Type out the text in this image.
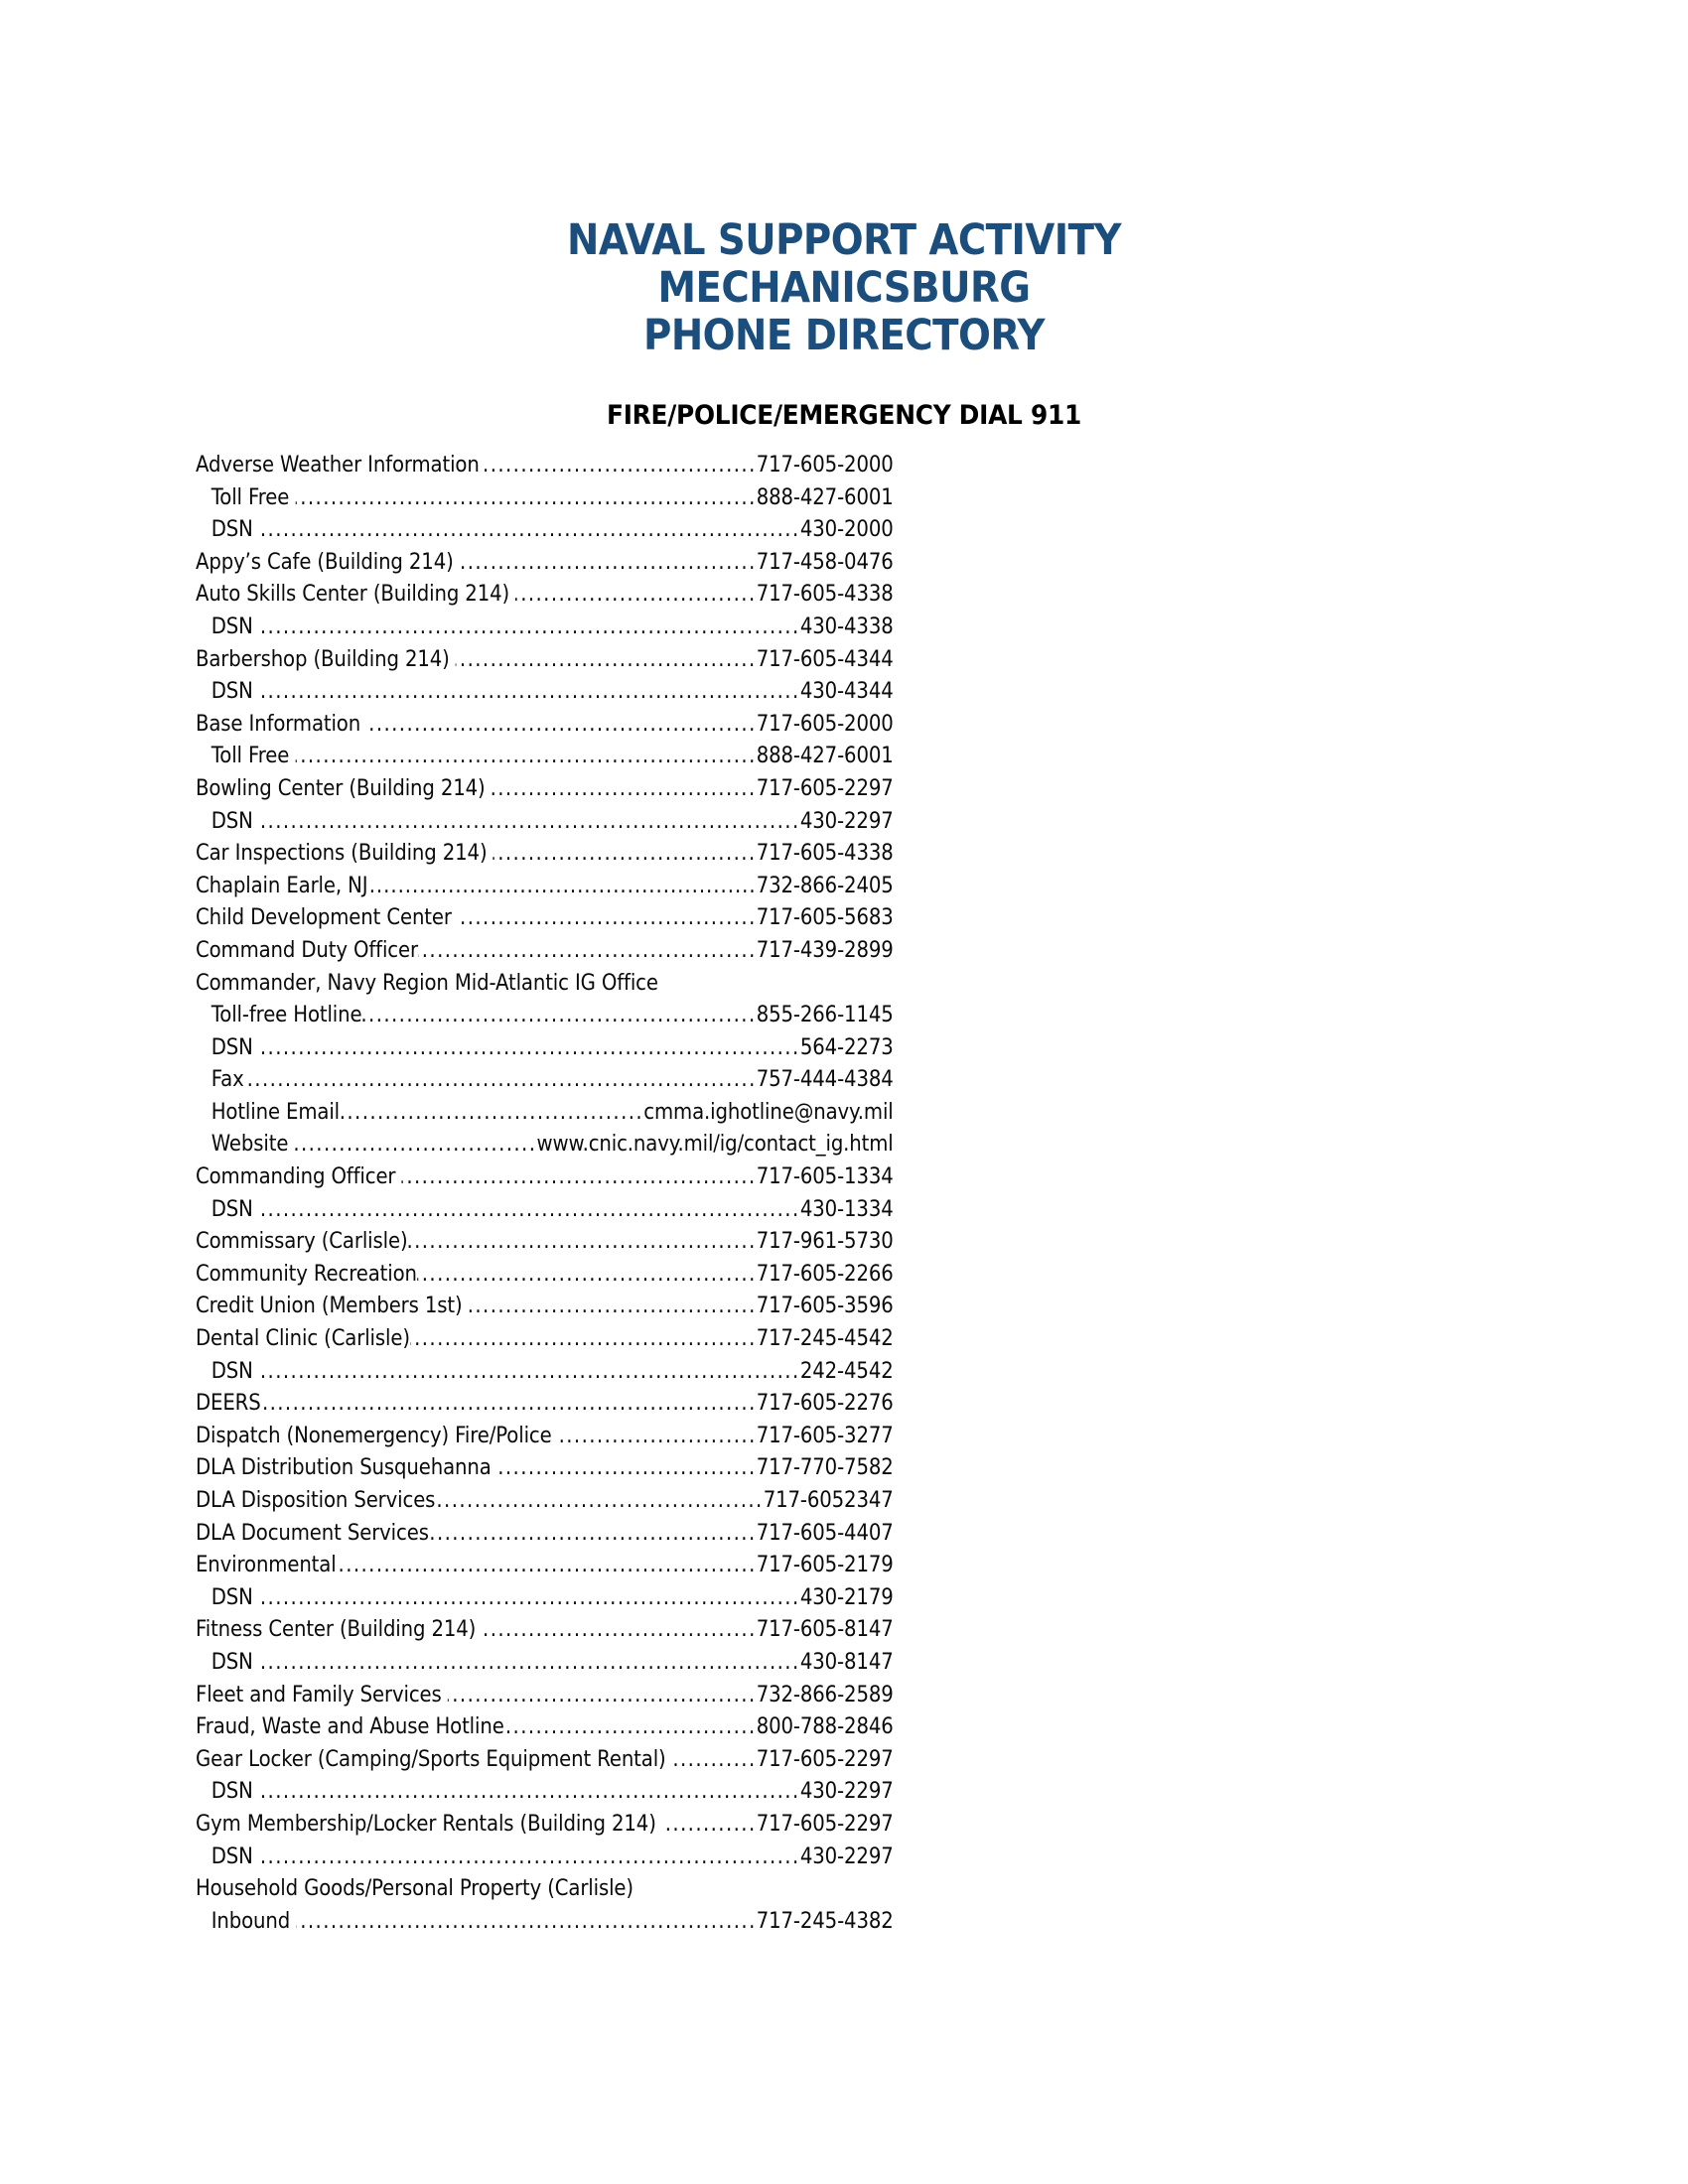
NAVAL SUPPORT ACTIVITY
MECHANICSBURG
PHONE DIRECTORY
FIRE/POLICE/EMERGENCY DIAL 911
Adverse Weather Information .....	717-605-2000
Toll Free .....	888-427-6001
DSN .....	430-2000
Appy’s Cafe (Building 214) .....	717-458-0476
Auto Skills Center (Building 214) .....	717-605-4338
DSN .....	430-4338
Barbershop (Building 214) .....	717-605-4344
DSN .....	430-4344
Base Information .....	717-605-2000
Toll Free .....	888-427-6001
Bowling Center (Building 214) .....	717-605-2297
DSN .....	430-2297
Car Inspections (Building 214) .....	717-605-4338
Chaplain Earle, NJ .....	732-866-2405
Child Development Center .....	717-605-5683
Command Duty Officer .....	717-439-2899
Commander, Navy Region Mid-Atlantic IG Office
Toll-free Hotline .....	855-266-1145
DSN .....	564-2273
Fax .....	757-444-4384
Hotline Email .....	cmma.ighotline@navy.mil
Website .....	www.cnic.navy.mil/ig/contact_ig.html
Commanding Officer .....	717-605-1334
DSN .....	430-1334
Commissary (Carlisle) .....	717-961-5730
Community Recreation .....	717-605-2266
Credit Union (Members 1st) .....	717-605-3596
Dental Clinic (Carlisle) .....	717-245-4542
DSN .....	242-4542
DEERS .....	717-605-2276
Dispatch (Nonemergency) Fire/Police .....	717-605-3277
DLA Distribution Susquehanna .....	717-770-7582
DLA Disposition Services .....	717-6052347
DLA Document Services .....	717-605-4407
Environmental .....	717-605-2179
DSN .....	430-2179
Fitness Center (Building 214) .....	717-605-8147
DSN .....	430-8147
Fleet and Family Services .....	732-866-2589
Fraud, Waste and Abuse Hotline .....	800-788-2846
Gear Locker (Camping/Sports Equipment Rental) .....	717-605-2297
DSN .....	430-2297
Gym Membership/Locker Rentals (Building 214) .....	717-605-2297
DSN .....	430-2297
Household Goods/Personal Property (Carlisle)
Inbound .....	717-245-4382
